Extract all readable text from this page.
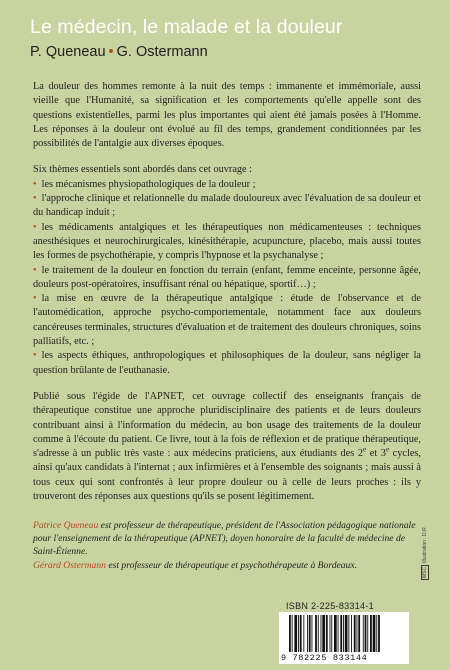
Le médecin, le malade et la douleur
P. Queneau • G. Ostermann

La douleur des hommes remonte à la nuit des temps : immanente et immémoriale, aussi vieille que l'Humanité, sa signification et les comportements qu'elle appelle sont des questions existentielles, parmi les plus importantes qui aient été jamais posées à l'Homme. Les réponses à la douleur ont évolué au fil des temps, grandement conditionnées par les possibilités de l'antalgie aux diverses époques.

Six thèmes essentiels sont abordés dans cet ouvrage :

• les mécanismes physiopathologiques de la douleur ;
• l'approche clinique et relationnelle du malade douloureux avec l'évaluation de sa douleur et du handicap induit ;
• les médicaments antalgiques et les thérapeutiques non médicamenteuses : techniques anesthésiques et neurochirurgicales, kinésithérapie, acupuncture, placebo, mais aussi toutes les formes de psychothérapie, y compris l'hypnose et la psychanalyse ;
• le traitement de la douleur en fonction du terrain (enfant, femme enceinte, personne âgée, douleurs post-opératoires, insuffisant rénal ou hépatique, sportif…) ;
• la mise en œuvre de la thérapeutique antalgique : étude de l'observance et de l'automédication, approche psycho-comportementale, notamment face aux douleurs cancéreuses terminales, structures d'évaluation et de traitement des douleurs chroniques, soins palliatifs, etc. ;
• les aspects éthiques, anthropologiques et philosophiques de la douleur, sans négliger la question brûlante de l'euthanasie.

Publié sous l'égide de l'APNET, cet ouvrage collectif des enseignants français de thérapeutique constitue une approche pluridisciplinaire des patients et de leurs douleurs contribuant ainsi à l'information du médecin, au bon usage des traitements de la douleur comme à l'écoute du patient. Ce livre, tout à la fois de réflexion et de pratique thérapeutique, s'adresse à un public très vaste : aux médecins praticiens, aux étudiants des 2e et 3e cycles, ainsi qu'aux candidats à l'internat ; aux infirmières et à l'ensemble des soignants ; mais aussi à tous ceux qui sont confrontés à leur propre douleur ou à celle de leurs proches : ils y trouveront des réponses aux questions qu'ils se posent légitimement.

Patrice Queneau est professeur de thérapeutique, président de l'Association pédagogique nationale pour l'enseignement de la thérapeutique (APNET), doyen honoraire de la faculté de médecine de Saint-Étienne.

Gérard Ostermann est professeur de thérapeutique et psychothérapeute à Bordeaux.

MSCIllustration : D.R.
ISBN 2-225-83314-1
9 782225 833144
